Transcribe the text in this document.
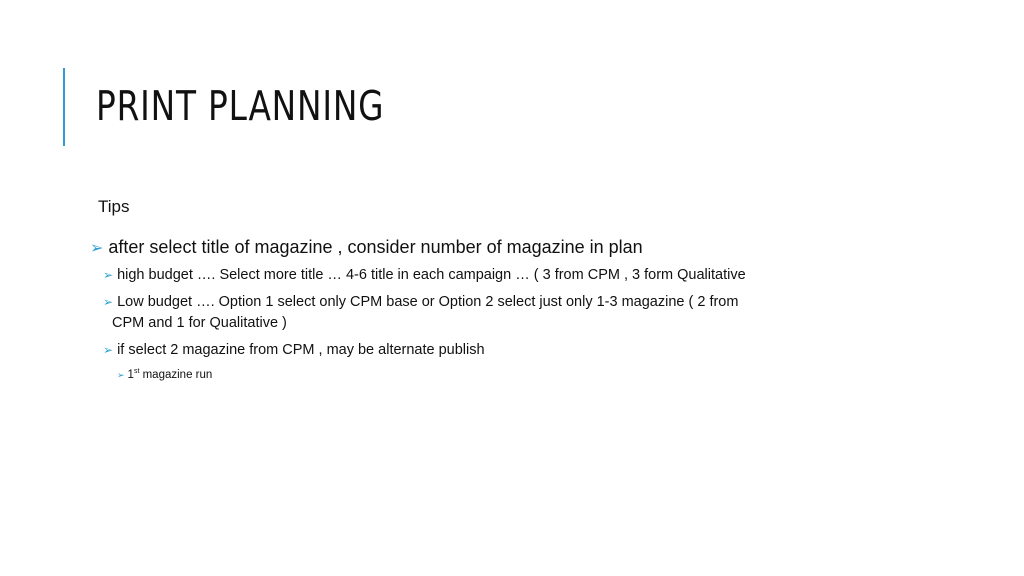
PRINT PLANNING
Tips
➢ after select title of magazine , consider number of magazine in plan
➢ high budget …. Select more title … 4-6 title in each campaign … ( 3 from CPM , 3 form Qualitative
➢ Low budget …. Option 1 select only CPM base or Option 2 select just only 1-3 magazine ( 2 from
CPM and 1 for Qualitative )
➢ if select 2 magazine from CPM , may be alternate publish
➢ 1st magazine run
